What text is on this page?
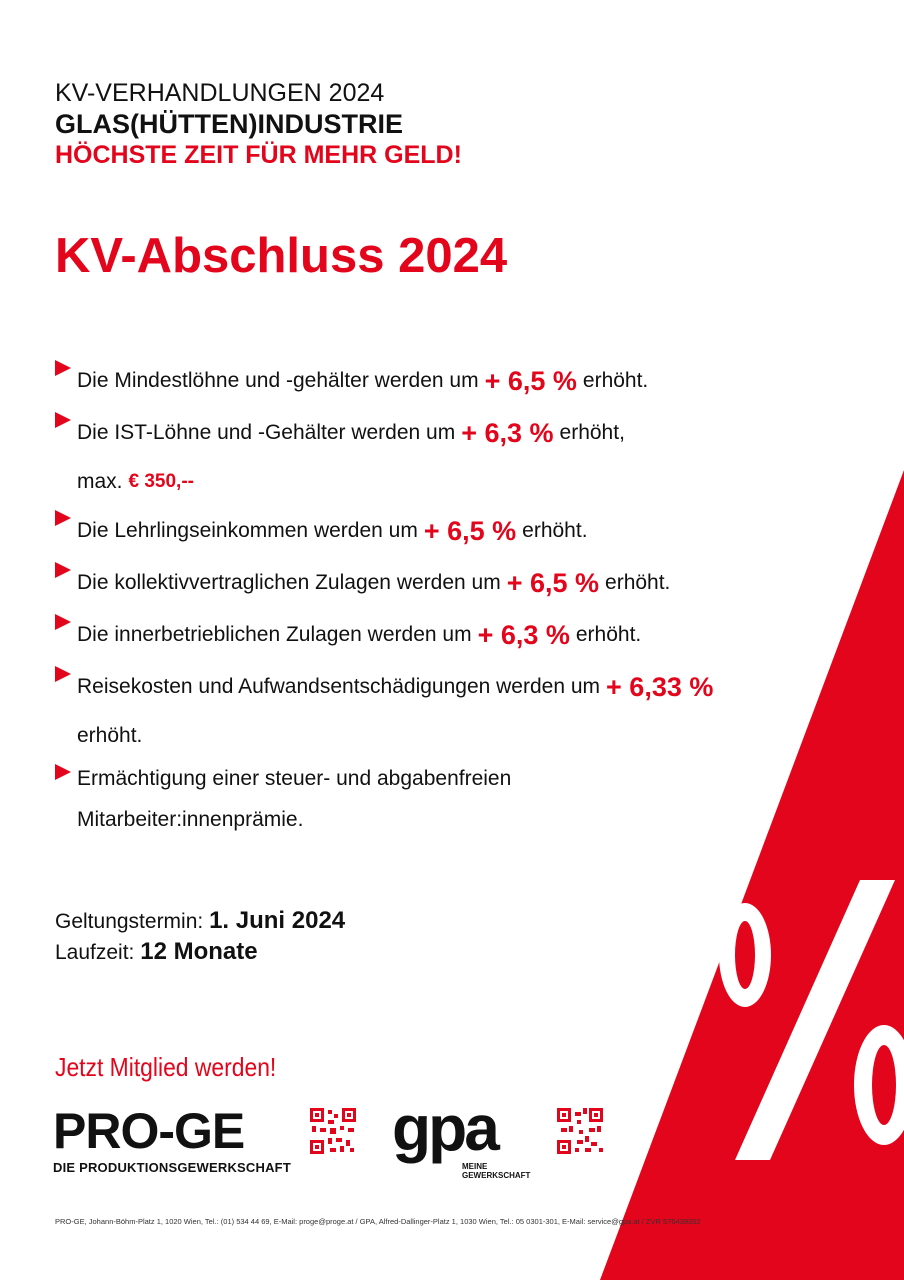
KV-VERHANDLUNGEN 2024
GLAS(HÜTTEN)INDUSTRIE
HÖCHSTE ZEIT FÜR MEHR GELD!
KV-Abschluss 2024
Die Mindestlöhne und -gehälter werden um + 6,5 % erhöht.
Die IST-Löhne und -Gehälter werden um + 6,3 % erhöht,
max. € 350,--
Die Lehrlingseinkommen werden um + 6,5 % erhöht.
Die kollektivvertraglichen Zulagen werden um + 6,5 % erhöht.
Die innerbetrieblichen Zulagen werden um + 6,3 % erhöht.
Reisekosten und Aufwandsentschädigungen werden um + 6,33 %
erhöht.
Ermächtigung einer steuer- und abgabenfreien
Mitarbeiter:innenprämie.
Geltungstermin: 1. Juni 2024
Laufzeit: 12 Monate
Jetzt Mitglied werden!
PRO-GE
DIE PRODUKTIONSGEWERKSCHAFT
gpa
MEINE GEWERKSCHAFT
PRO-GE, Johann-Böhm-Platz 1, 1020 Wien, Tel.: (01) 534 44 69, E-Mail: proge@proge.at / GPA, Alfred-Dallinger-Platz 1, 1030 Wien, Tel.: 05 0301-301, E-Mail: service@gpa.at / ZVR 576439352
